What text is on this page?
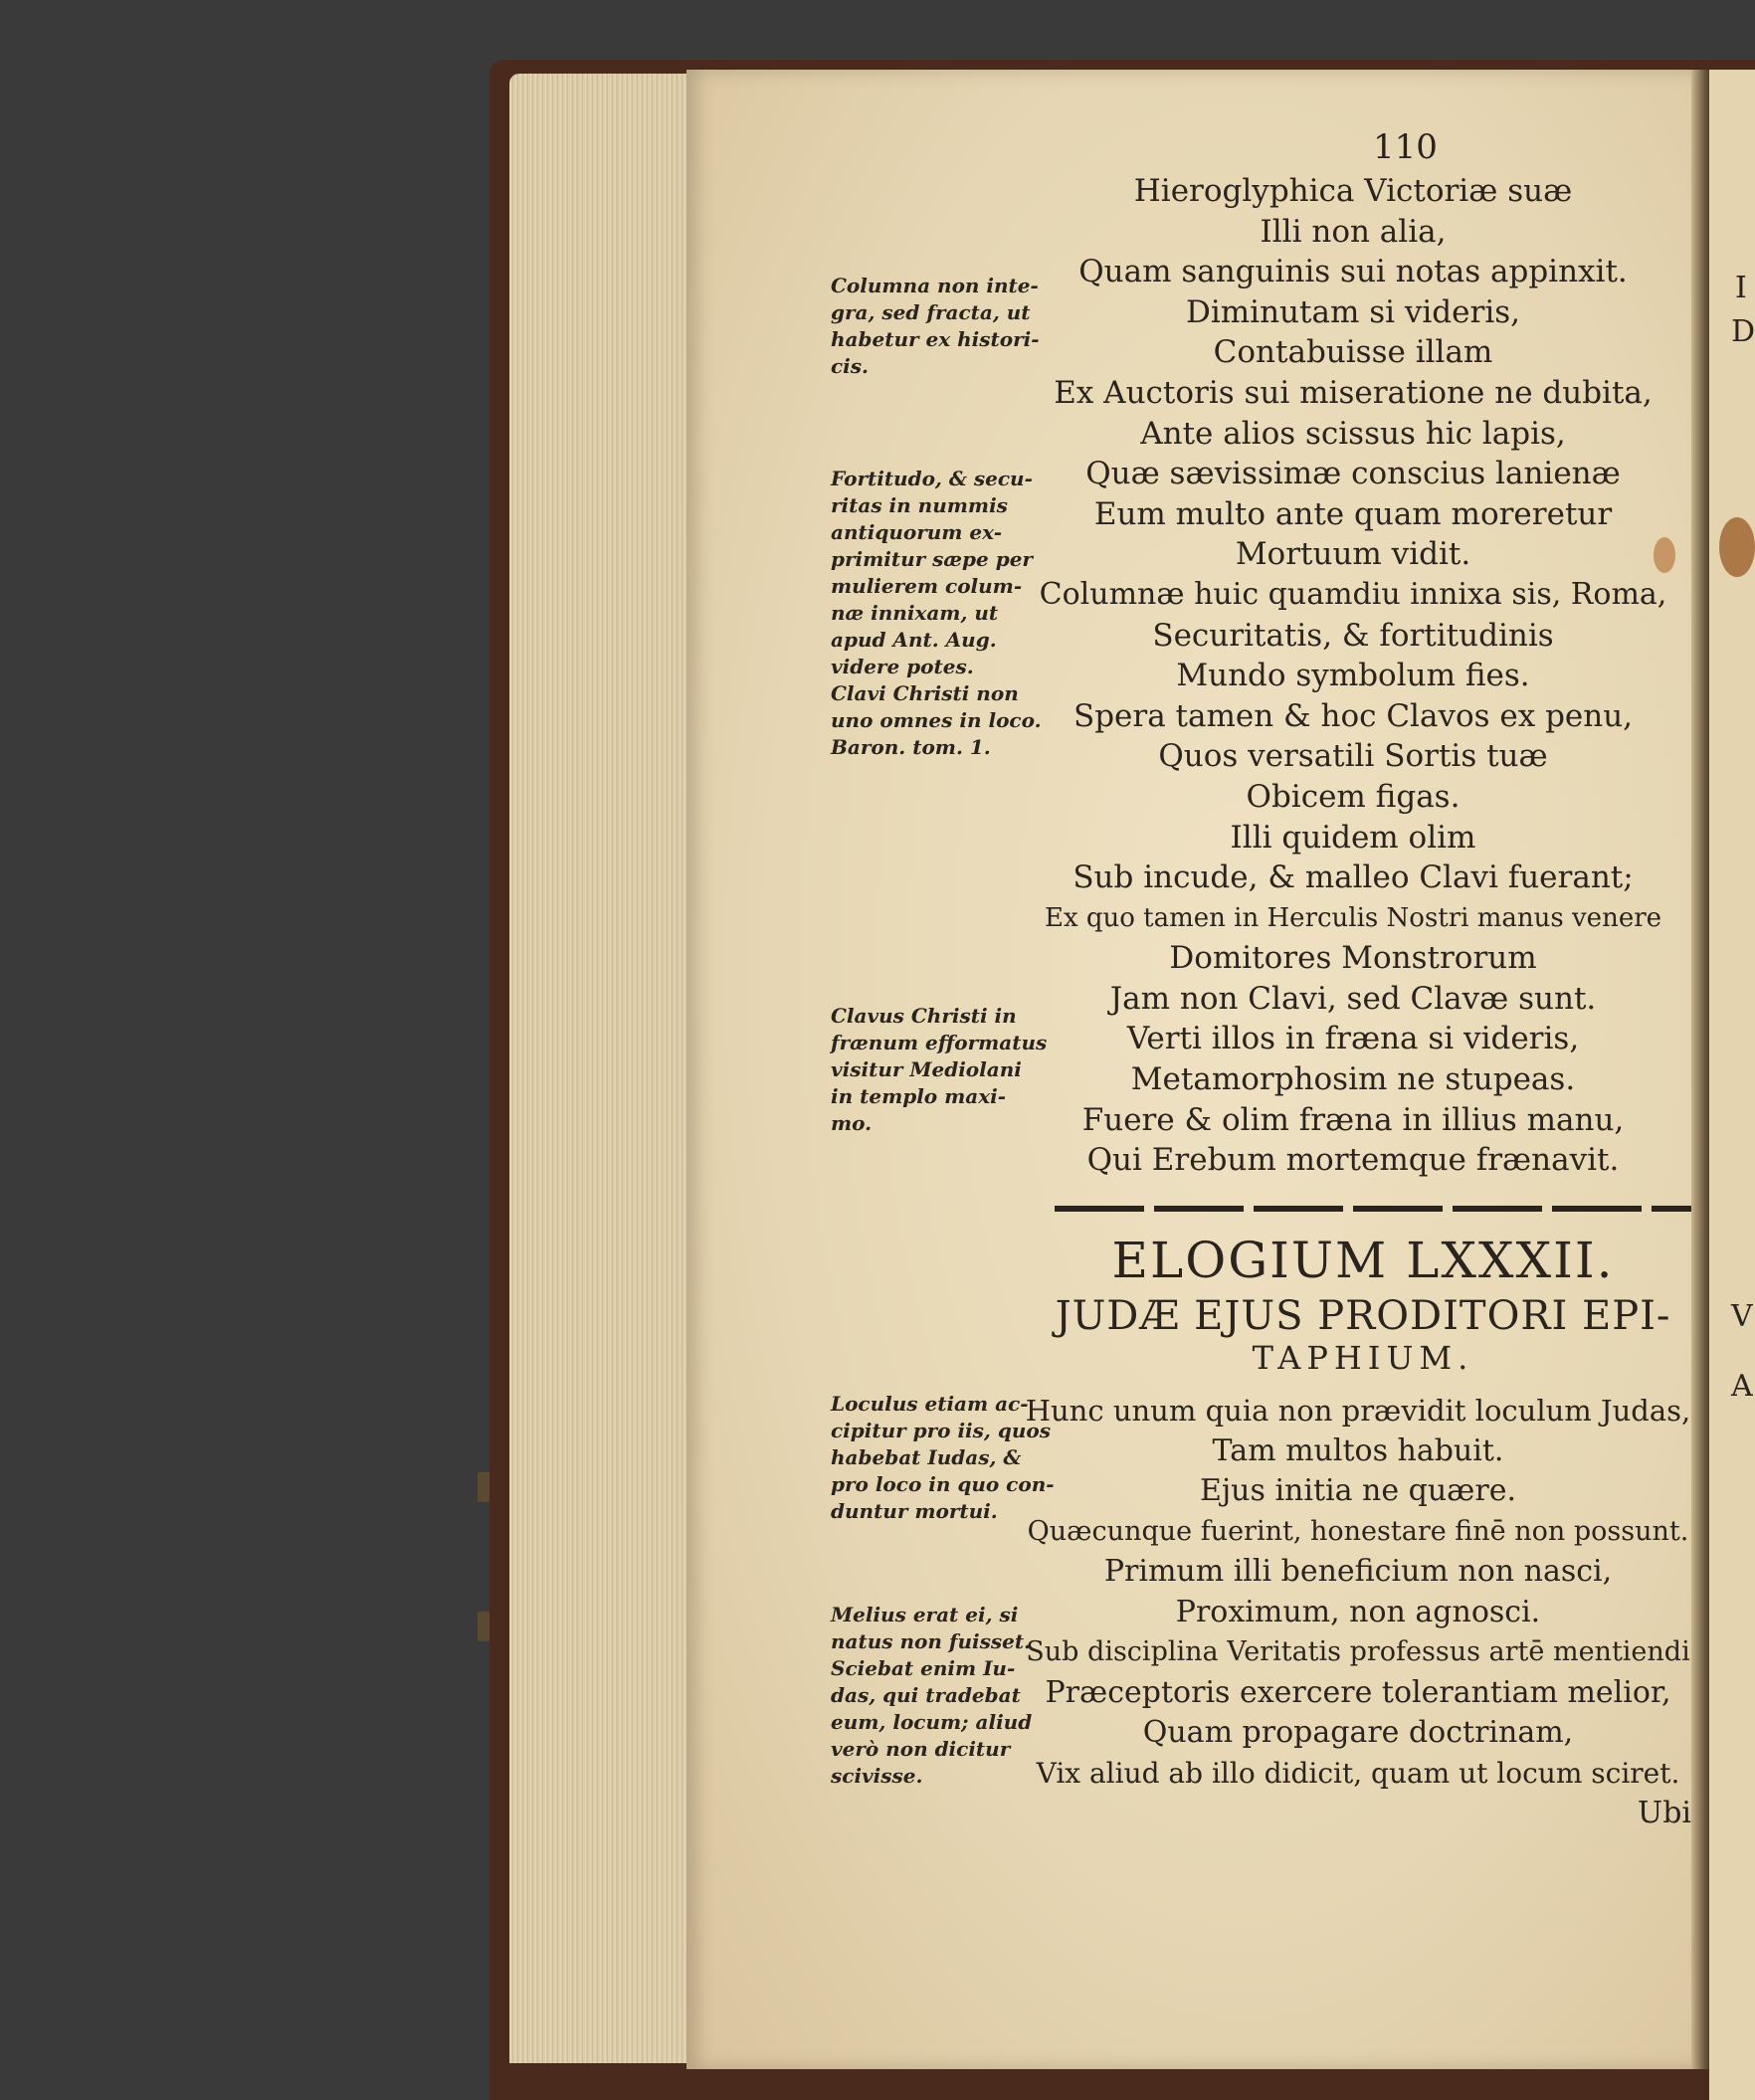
I
D
V
A
110
Hieroglyphica Victoriæ suæ
Illi non alia,
Quam sanguinis sui notas appinxit.
Diminutam si videris,
Contabuisse illam
Ex Auctoris sui miseratione ne dubita,
Ante alios scissus hic lapis,
Quæ sævissimæ conscius lanienæ
Eum multo ante quam moreretur
Mortuum vidit.
Columnæ huic quamdiu innixa sis, Roma,
Securitatis, & fortitudinis
Mundo symbolum fies.
Spera tamen & hoc Clavos ex penu,
Quos versatili Sortis tuæ
Obicem figas.
Illi quidem olim
Sub incude, & malleo Clavi fuerant;
Ex quo tamen in Herculis Nostri manus venere
Domitores Monstrorum
Jam non Clavi, sed Clavæ sunt.
Verti illos in fræna si videris,
Metamorphosim ne stupeas.
Fuere & olim fræna in illius manu,
Qui Erebum mortemque frænavit.
Columna non inte-
gra, sed fracta, ut
habetur ex histori-
cis.
Fortitudo, & secu-
ritas in nummis
antiquorum ex-
primitur sæpe per
mulierem colum-
næ innixam, ut
apud Ant. Aug.
videre potes.
Clavi Christi non
uno omnes in loco.
Baron. tom. 1.
Clavus Christi in
frænum efformatus
visitur Mediolani
in templo maxi-
mo.
Loculus etiam ac-
cipitur pro iis, quos
habebat Iudas, &
pro loco in quo con-
duntur mortui.
Melius erat ei, si
natus non fuisset.
Sciebat enim Iu-
das, qui tradebat
eum, locum; aliud
verò non dicitur
scivisse.
ELOGIUM LXXXII.
JUDÆ EJUS PRODITORI EPI-
TAPHIUM.
Hunc unum quia non prævidit loculum Judas,
Tam multos habuit.
Ejus initia ne quære.
Quæcunque fuerint, honestare finē non possunt.
Primum illi beneficium non nasci,
Proximum, non agnosci.
Sub disciplina Veritatis professus artē mentiendi
Præceptoris exercere tolerantiam melior,
Quam propagare doctrinam,
Vix aliud ab illo didicit, quam ut locum sciret.
Ubi
